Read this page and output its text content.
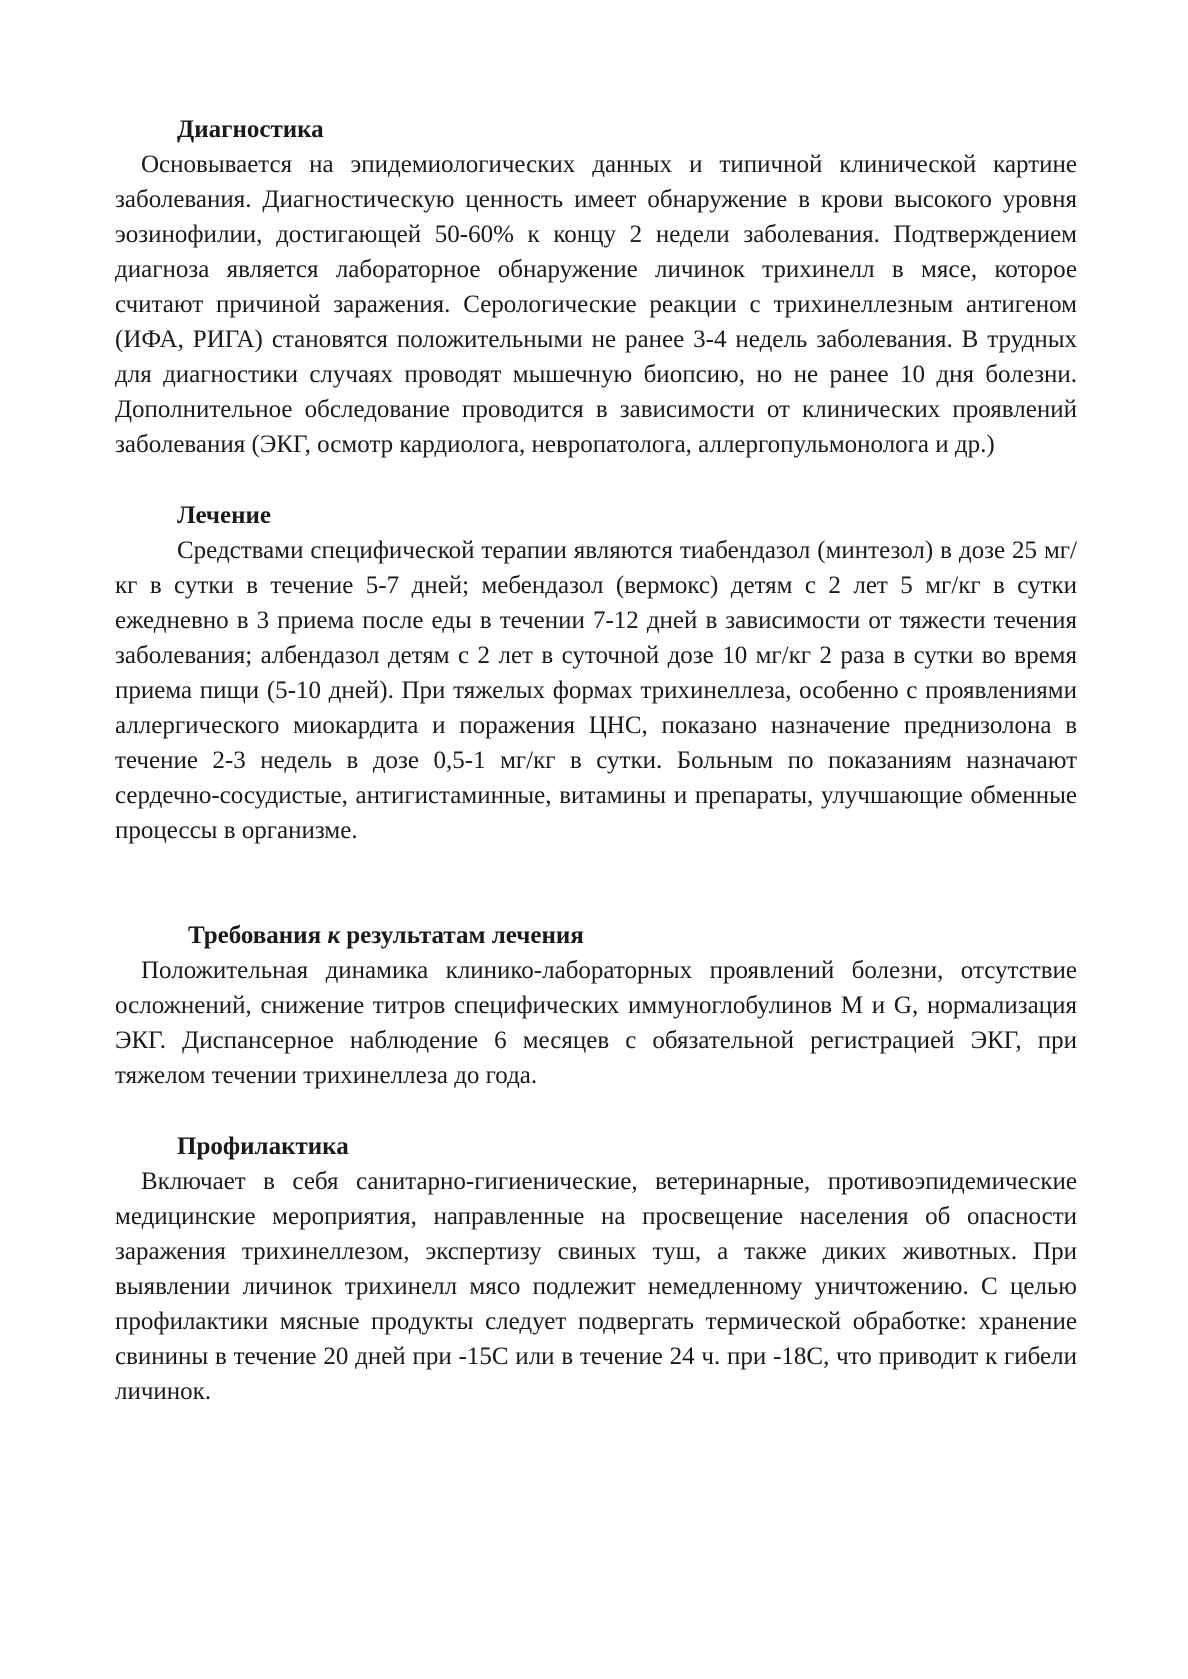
Диагностика

Основывается на эпидемиологических данных и типичной клинической картине заболевания. Диагностическую ценность имеет обнаружение в крови высокого уровня эозинофилии, достигающей 50-60% к концу 2 недели заболевания. Подтверждением диагноза является лабораторное обнаружение личинок трихинелл в мясе, которое считают причиной заражения. Серологические реакции с трихинеллезным антигеном (ИФА, РИГА) становятся положительными не ранее 3-4 недель заболевания. В трудных для диагностики случаях проводят мышечную биопсию, но не ранее 10 дня болезни. Дополнительное обследование проводится в зависимости от клинических проявлений заболевания (ЭКГ, осмотр кардиолога, невропатолога, аллергопульмонолога и др.)

Лечение

Средствами специфической терапии являются тиабендазол (минтезол) в дозе 25 мг/кг в сутки в течение 5-7 дней; мебендазол (вермокс) детям с 2 лет 5 мг/кг в сутки ежедневно в 3 приема после еды в течении 7-12 дней в зависимости от тяжести течения заболевания; албендазол детям с 2 лет в суточной дозе 10 мг/кг 2 раза в сутки во время приема пищи (5-10 дней). При тяжелых формах трихинеллеза, особенно с проявлениями аллергического миокардита и поражения ЦНС, показано назначение преднизолона в течение 2-3 недель в дозе 0,5-1 мг/кг в сутки. Больным по показаниям назначают сердечно-сосудистые, антигистаминные, витамины и препараты, улучшающие обменные процессы в организме.

Требования к результатам лечения

Положительная динамика клинико-лабораторных проявлений болезни, отсутствие осложнений, снижение титров специфических иммуноглобулинов M и G, нормализация ЭКГ. Диспансерное наблюдение 6 месяцев с обязательной регистрацией ЭКГ, при тяжелом течении трихинеллеза до года.

Профилактика

Включает в себя санитарно-гигиенические, ветеринарные, противоэпидемические медицинские мероприятия, направленные на просвещение населения об опасности заражения трихинеллезом, экспертизу свиных туш, а также диких животных. При выявлении личинок трихинелл мясо подлежит немедленному уничтожению. С целью профилактики мясные продукты следует подвергать термической обработке: хранение свинины в течение 20 дней при -15С или в течение 24 ч. при -18С, что приводит к гибели личинок.
